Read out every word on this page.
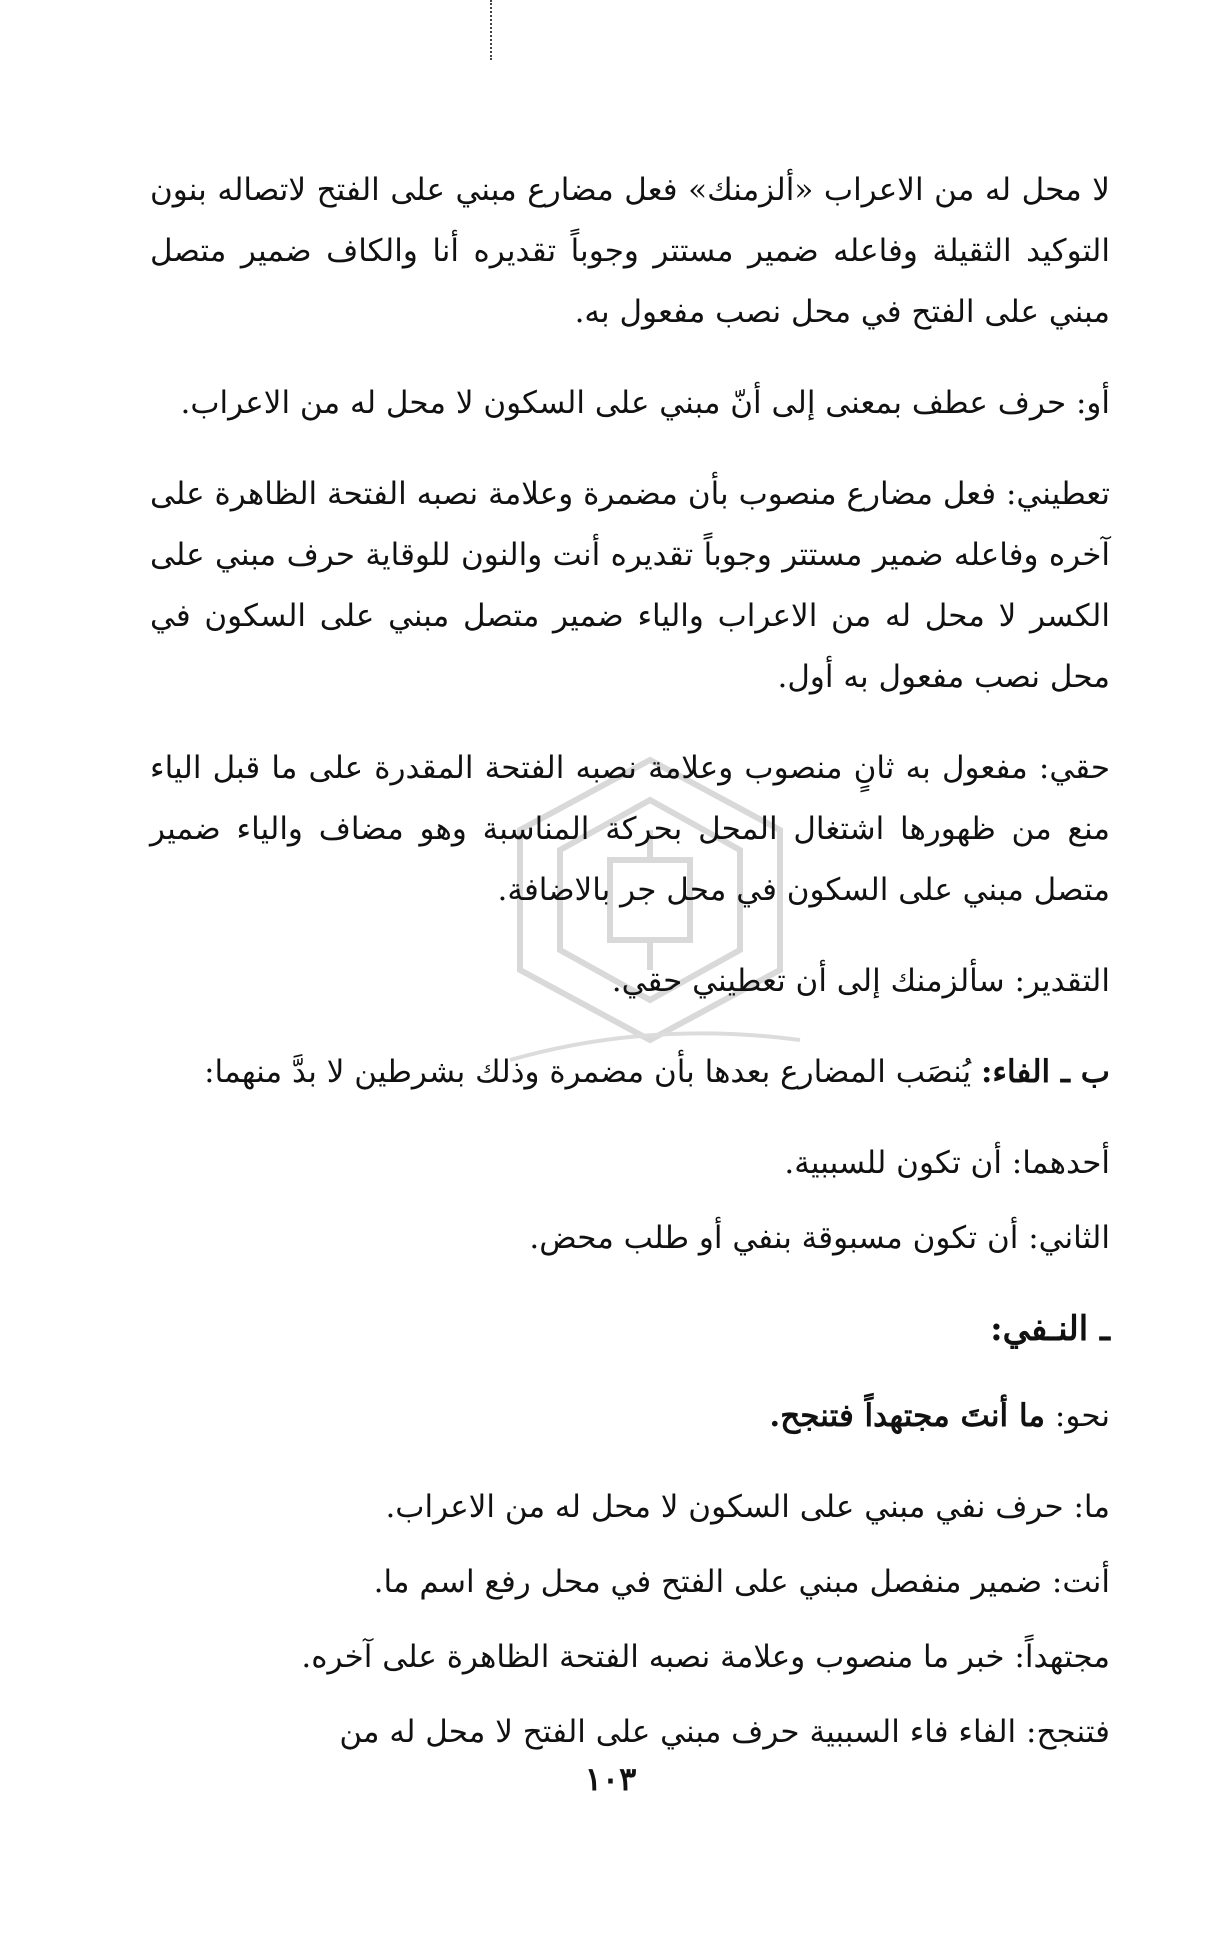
لا محل له من الاعراب «ألزمنك» فعل مضارع مبني على الفتح لاتصاله بنون التوكيد الثقيلة وفاعله ضمير مستتر وجوباً تقديره أنا والكاف ضمير متصل مبني على الفتح في محل نصب مفعول به.

أو: حرف عطف بمعنى إلى أنّ مبني على السكون لا محل له من الاعراب.

تعطيني: فعل مضارع منصوب بأن مضمرة وعلامة نصبه الفتحة الظاهرة على آخره وفاعله ضمير مستتر وجوباً تقديره أنت والنون للوقاية حرف مبني على الكسر لا محل له من الاعراب والياء ضمير متصل مبني على السكون في محل نصب مفعول به أول.

حقي: مفعول به ثانٍ منصوب وعلامة نصبه الفتحة المقدرة على ما قبل الياء منع من ظهورها اشتغال المحل بحركة المناسبة وهو مضاف والياء ضمير متصل مبني على السكون في محل جر بالاضافة.

التقدير: سألزمنك إلى أن تعطيني حقي.

ب ـ الفاء: يُنصَب المضارع بعدها بأن مضمرة وذلك بشرطين لا بدَّ منهما:

أحدهما: أن تكون للسببية.

الثاني: أن تكون مسبوقة بنفي أو طلب محض.

ـ النـفي:

نحو: ما أنتَ مجتهداً فتنجح.

ما: حرف نفي مبني على السكون لا محل له من الاعراب.

أنت: ضمير منفصل مبني على الفتح في محل رفع اسم ما.

مجتهداً: خبر ما منصوب وعلامة نصبه الفتحة الظاهرة على آخره.

فتنجح: الفاء فاء السببية حرف مبني على الفتح لا محل له من

١٠٣
